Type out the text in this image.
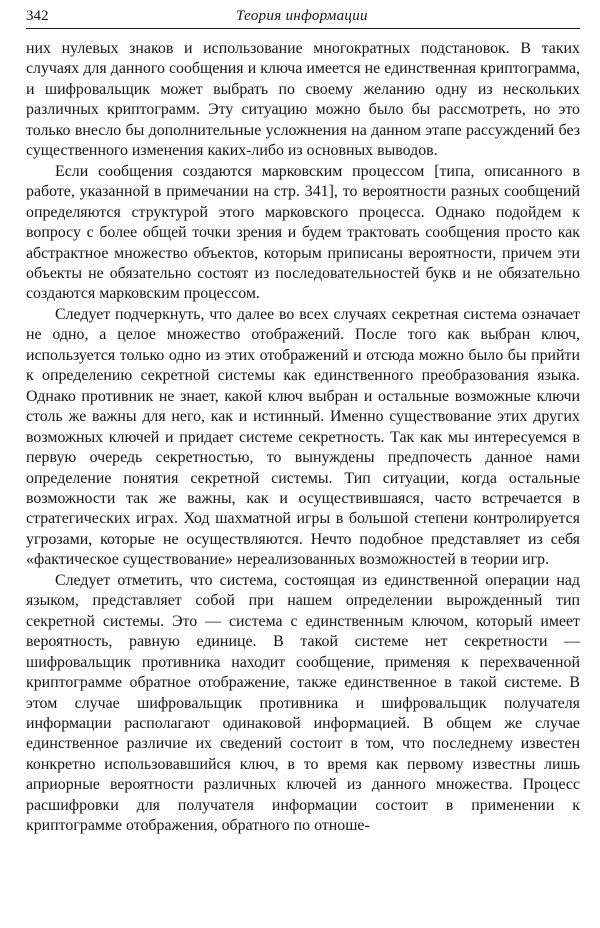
342	Теория информации

них нулевых знаков и использование многократных подстановок. В таких случаях для данного сообщения и ключа имеется не единственная криптограмма, и шифровальщик может выбрать по своему желанию одну из нескольких различных криптограмм. Эту ситуацию можно было бы рассмотреть, но это только внесло бы дополнительные усложнения на данном этапе рассуждений без существенного изменения каких-либо из основных выводов.

Если сообщения создаются марковским процессом [типа, описанного в работе, указанной в примечании на стр. 341], то вероятности разных сообщений определяются структурой этого марковского процесса. Однако подойдем к вопросу с более общей точки зрения и будем трактовать сообщения просто как абстрактное множество объектов, которым приписаны вероятности, причем эти объекты не обязательно состоят из последовательностей букв и не обязательно создаются марковским процессом.

Следует подчеркнуть, что далее во всех случаях секретная система означает не одно, а целое множество отображений. После того как выбран ключ, используется только одно из этих отображений и отсюда можно было бы прийти к определению секретной системы как единственного преобразования языка. Однако противник не знает, какой ключ выбран и остальные возможные ключи столь же важны для него, как и истинный. Именно существование этих других возможных ключей и придает системе секретность. Так как мы интересуемся в первую очередь секретностью, то вынуждены предпочесть данное нами определение понятия секретной системы. Тип ситуации, когда остальные возможности так же важны, как и осуществившаяся, часто встречается в стратегических играх. Ход шахматной игры в большой степени контролируется угрозами, которые не осуществляются. Нечто подобное представляет из себя «фактическое существование» нереализованных возможностей в теории игр.

Следует отметить, что система, состоящая из единственной операции над языком, представляет собой при нашем определении вырожденный тип секретной системы. Это — система с единственным ключом, который имеет вероятность, равную единице. В такой системе нет секретности —шифровальщик противника находит сообщение, применяя к перехваченной криптограмме обратное отображение, также единственное в такой системе. В этом случае шифровальщик противника и шифровальщик получателя информации располагают одинаковой информацией. В общем же случае единственное различие их сведений состоит в том, что последнему известен конкретно использовавшийся ключ, в то время как первому известны лишь априорные вероятности различных ключей из данного множества. Процесс расшифровки для получателя информации состоит в применении к криптограмме отображения, обратного по отноше-
